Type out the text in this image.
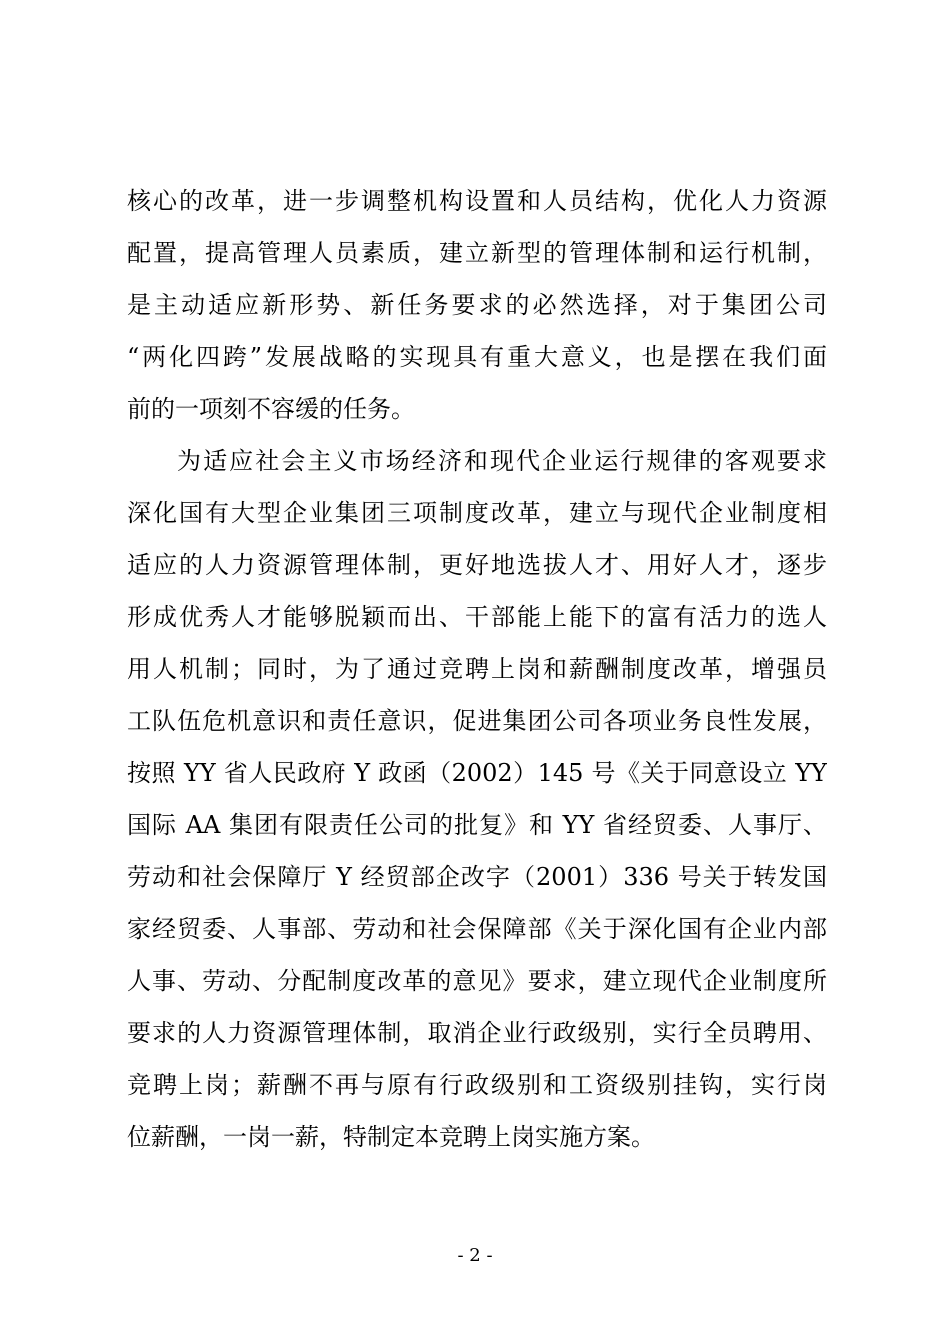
核心的改革，进一步调整机构设置和人员结构，优化人力资源

配置，提高管理人员素质，建立新型的管理体制和运行机制，

是主动适应新形势、新任务要求的必然选择，对于集团公司

“两化四跨”发展战略的实现具有重大意义，也是摆在我们面

前的一项刻不容缓的任务。

为适应社会主义市场经济和现代企业运行规律的客观要求

深化国有大型企业集团三项制度改革，建立与现代企业制度相

适应的人力资源管理体制，更好地选拔人才、用好人才，逐步

形成优秀人才能够脱颖而出、干部能上能下的富有活力的选人

用人机制；同时，为了通过竞聘上岗和薪酬制度改革，增强员

工队伍危机意识和责任意识，促进集团公司各项业务良性发展，

按照 YY 省人民政府 Y 政函（2002）145 号《关于同意设立 YY

国际 AA 集团有限责任公司的批复》和 YY 省经贸委、人事厅、

劳动和社会保障厅 Y 经贸部企改字（2001）336 号关于转发国

家经贸委、人事部、劳动和社会保障部《关于深化国有企业内部

人事、劳动、分配制度改革的意见》要求，建立现代企业制度所

要求的人力资源管理体制，取消企业行政级别，实行全员聘用、

竞聘上岗；薪酬不再与原有行政级别和工资级别挂钩，实行岗

位薪酬，一岗一薪，特制定本竞聘上岗实施方案。

- 2 -
